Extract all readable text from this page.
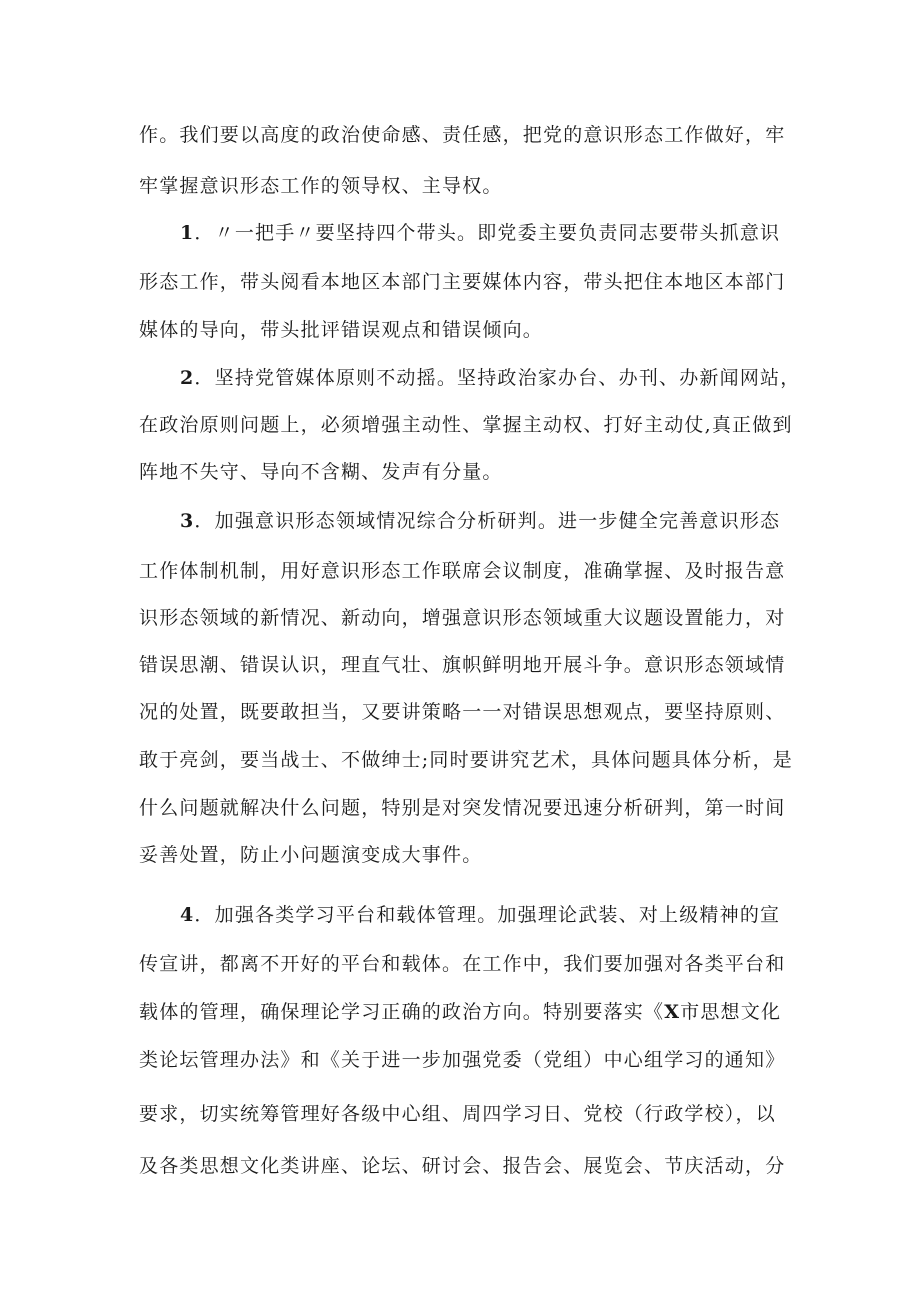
作。我们要以高度的政治使命感、责任感，把党的意识形态工作做好，牢
牢掌握意识形态工作的领导权、主导权。
1．〃一把手〃要坚持四个带头。即党委主要负责同志要带头抓意识
形态工作，带头阅看本地区本部门主要媒体内容，带头把住本地区本部门
媒体的导向，带头批评错误观点和错误倾向。
2．坚持党管媒体原则不动摇。坚持政治家办台、办刊、办新闻网站，
在政治原则问题上，必须增强主动性、掌握主动权、打好主动仗,真正做到
阵地不失守、导向不含糊、发声有分量。
3．加强意识形态领域情况综合分析研判。进一步健全完善意识形态
工作体制机制，用好意识形态工作联席会议制度，准确掌握、及时报告意
识形态领域的新情况、新动向，增强意识形态领域重大议题设置能力，对
错误思潮、错误认识，理直气壮、旗帜鲜明地开展斗争。意识形态领域情
况的处置，既要敢担当，又要讲策略一一对错误思想观点，要坚持原则、
敢于亮剑，要当战士、不做绅士;同时要讲究艺术，具体问题具体分析，是
什么问题就解决什么问题，特别是对突发情况要迅速分析研判，第一时间
妥善处置，防止小问题演变成大事件。
4．加强各类学习平台和载体管理。加强理论武装、对上级精神的宣
传宣讲，都离不开好的平台和载体。在工作中，我们要加强对各类平台和
载体的管理，确保理论学习正确的政治方向。特别要落实《X市思想文化
类论坛管理办法》和《关于进一步加强党委（党组）中心组学习的通知》
要求，切实统筹管理好各级中心组、周四学习日、党校（行政学校），以
及各类思想文化类讲座、论坛、研讨会、报告会、展览会、节庆活动，分
